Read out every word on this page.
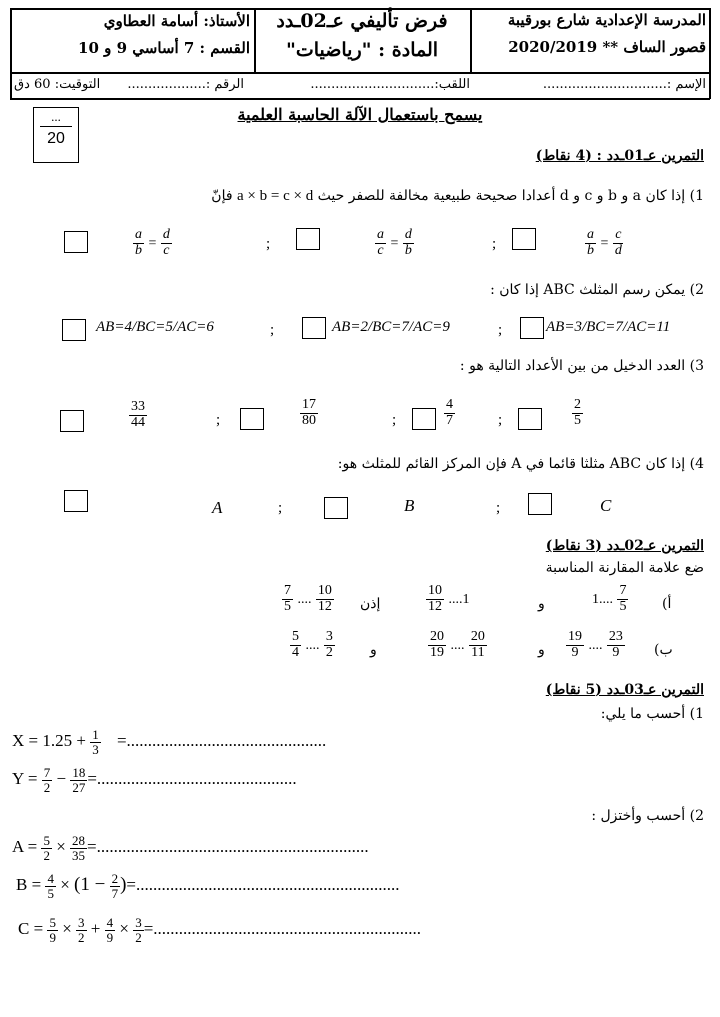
المدرسة الإعدادية شارع بورقيبة
قصور الساف ** 2020/2019
فرض تأليفي عـ02ـدد
المادة : "رياضيات"
الأستاذ: أسامة العطاوي
القسم : 7 أساسي 9 و 10
الإسم :..............................
اللقب:..............................
الرقم :...................
التوقيت: 60 دق
يسمح باستعمال الآلة الحاسبة العلمية
...
20
التمرين عـ01ـدد : (4 نقاط)
1) إذا كان a و b و c و d أعدادا صحيحة طبيعية مخالفة للصفر حيث a × b = c × d فإنّ
$\frac{a}{b} = \frac{c}{d}$
;
$\frac{a}{c} = \frac{d}{b}$
;
$\frac{a}{b} = \frac{d}{c}$
2) يمكن رسم المثلث ABC إذا كان :
AB=3/BC=7/AC=11
;
AB=2/BC=7/AC=9
;
AB=4/BC=5/AC=6
3) العدد الدخيل من بين الأعداد التالية هو :
$\frac{2}{5}$
;
$\frac{4}{7}$
;
$\frac{17}{80}$
;
$\frac{33}{44}$
4) إذا كان ABC مثلثا قائما في A فإن المركز القائم للمثلث هو:
C
;
B
;
A
التمرين عـ02ـدد (3 نقاط)
ضع علامة المقارنة المناسبة
أ)
1.... $\frac{7}{5}$
و
$\frac{10}{12} ....1$
إذن
$\frac{7}{5}$ .... $\frac{10}{12}$
ب)
$\frac{19}{9}$ .... $\frac{23}{9}$
و
$\frac{20}{19}$ .... $\frac{20}{11}$
و
$\frac{5}{4}$ .... $\frac{3}{2}$
التمرين عـ03ـدد (5 نقاط)
1) أحسب ما يلي:
$X = 1.25 + \frac{1}{3}$ =...............................................
$Y = \frac{7}{2} - \frac{18}{27}$ =...............................................
2) أحسب وأختزل :
$A = \frac{5}{2} \times \frac{28}{35}$ =................................................................
$B = \frac{4}{5} \times (1 - \frac{2}{7}$ )=..............................................................
$C = \frac{5}{9} \times \frac{3}{2} + \frac{4}{9} \times \frac{3}{2}$ =...............................................................
